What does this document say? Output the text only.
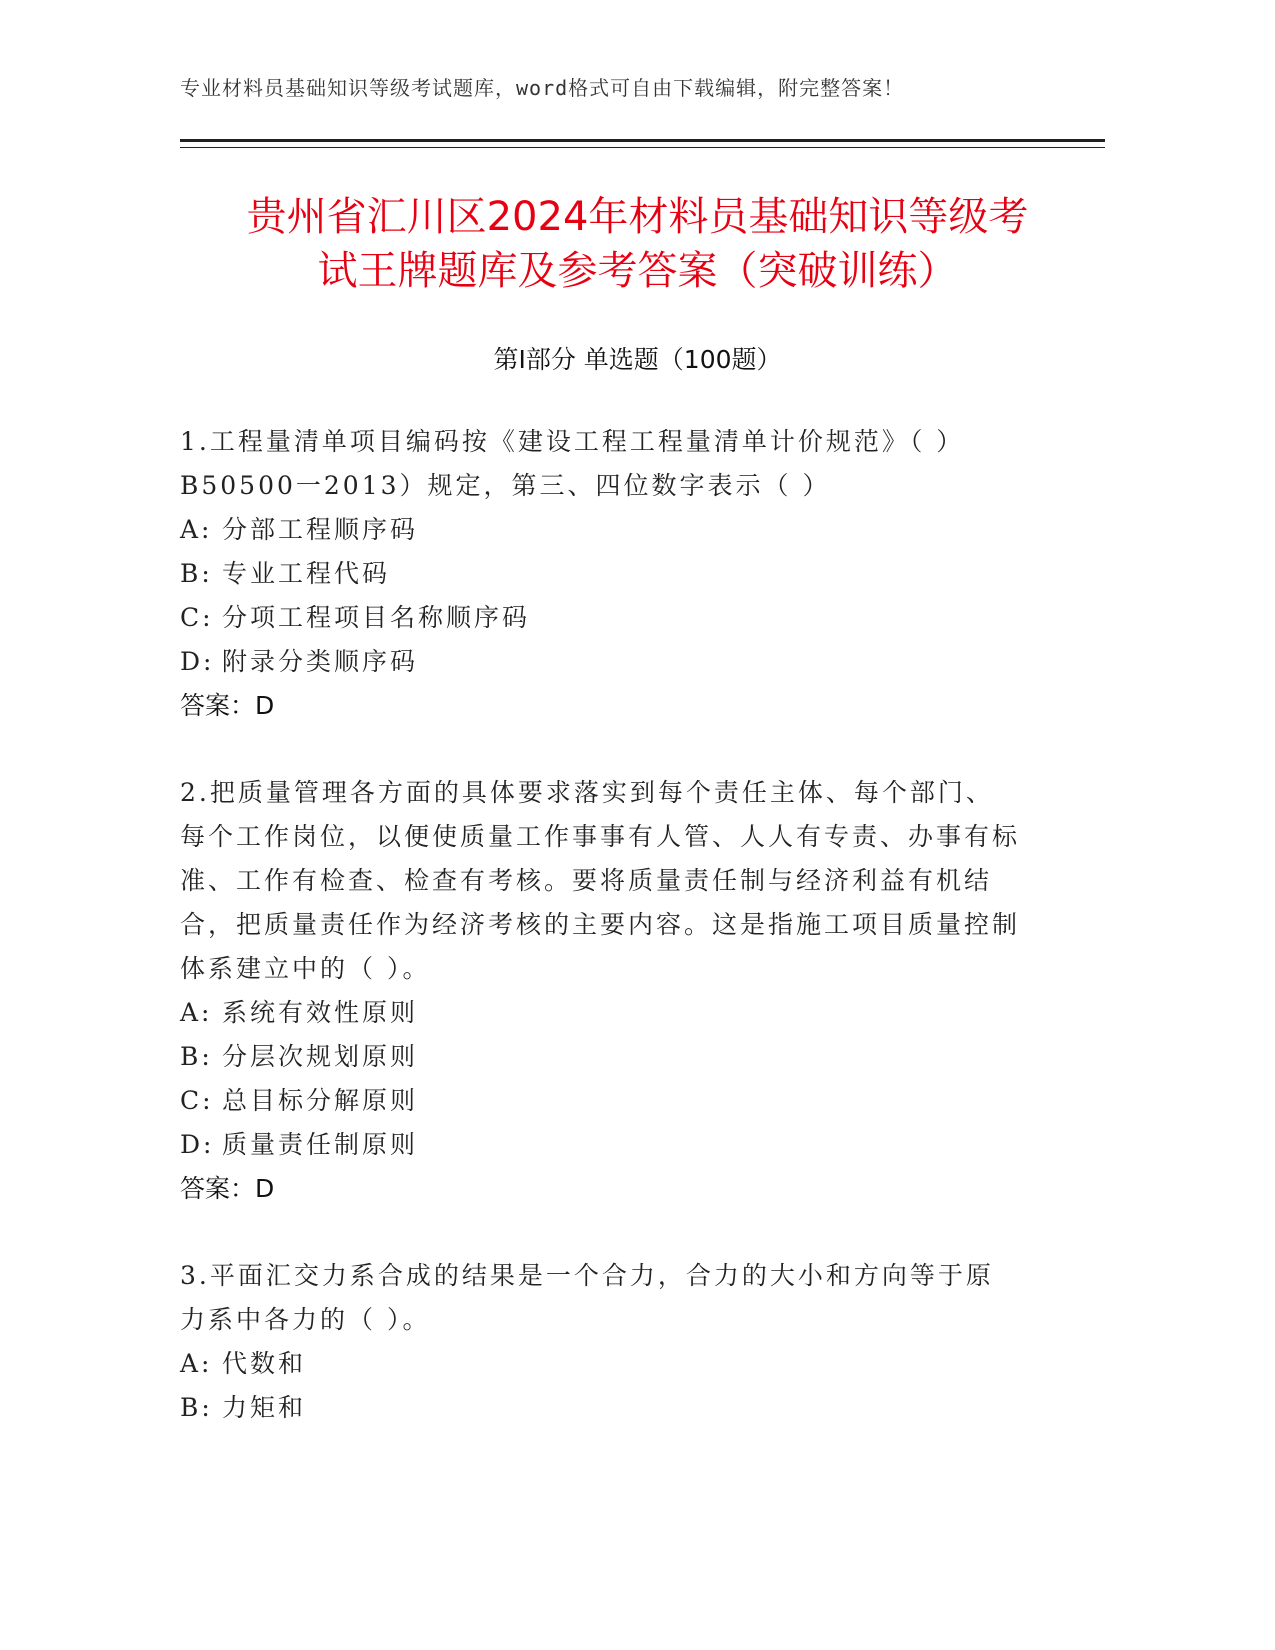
专业材料员基础知识等级考试题库，word格式可自由下载编辑，附完整答案！
贵州省汇川区2024年材料员基础知识等级考
试王牌题库及参考答案（突破训练）
第Ⅰ部分 单选题（100题）
1.工程量清单项目编码按《建设工程工程量清单计价规范》（ ）B50500一2013）规定，第三、四位数字表示（ ）
A: 分部工程顺序码
B: 专业工程代码
C: 分项工程项目名称顺序码
D: 附录分类顺序码
答案：D
2.把质量管理各方面的具体要求落实到每个责任主体、每个部门、每个工作岗位，以便使质量工作事事有人管、人人有专责、办事有标准、工作有检查、检查有考核。要将质量责任制与经济利益有机结合，把质量责任作为经济考核的主要内容。这是指施工项目质量控制体系建立中的（ ）。
A: 系统有效性原则
B: 分层次规划原则
C: 总目标分解原则
D: 质量责任制原则
答案：D
3.平面汇交力系合成的结果是一个合力，合力的大小和方向等于原力系中各力的（ ）。
A: 代数和
B: 力矩和
